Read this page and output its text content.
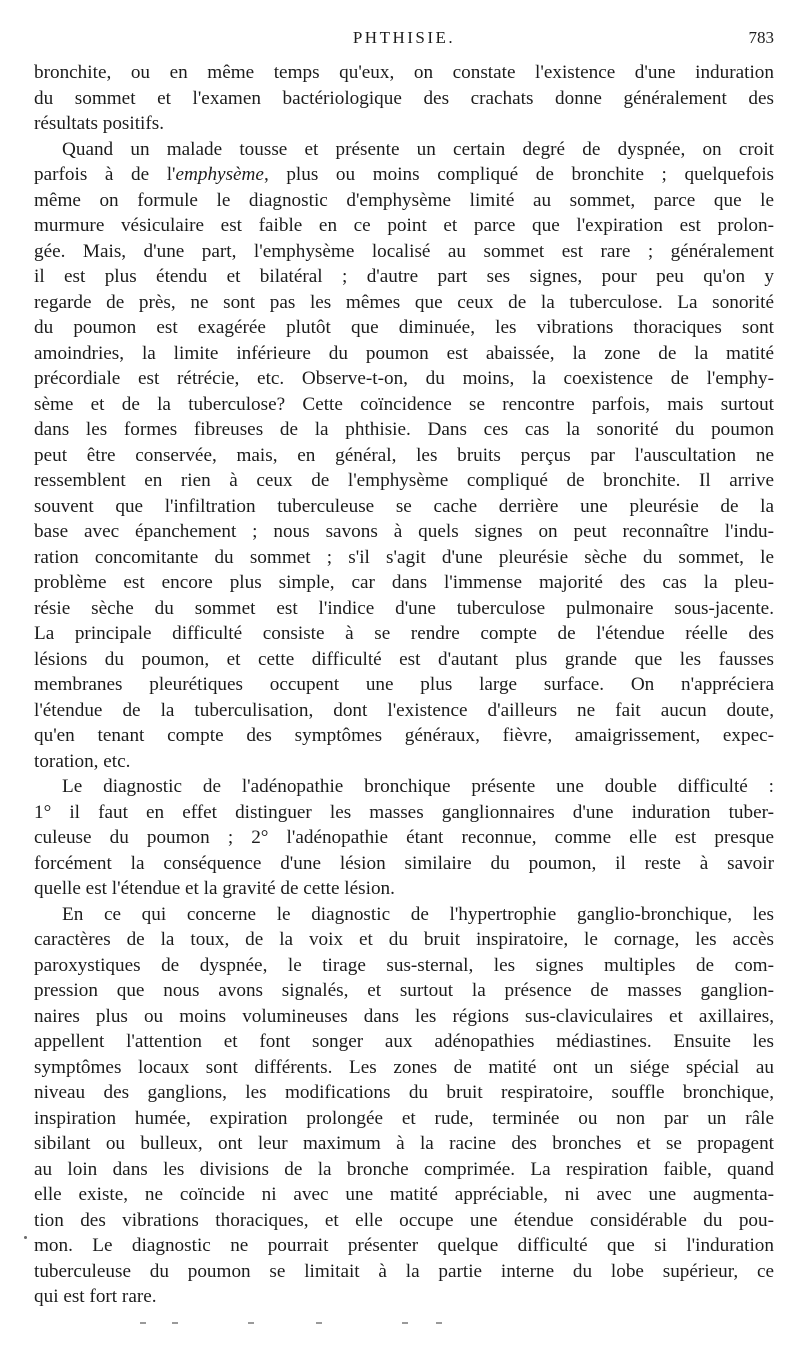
PHTHISIE.	783
bronchite, ou en même temps qu'eux, on constate l'existence d'une induration
du sommet et l'examen bactériologique des crachats donne généralement des
résultats positifs.
Quand un malade tousse et présente un certain degré de dyspnée, on croit
parfois à de l'emphysème, plus ou moins compliqué de bronchite ; quelquefois
même on formule le diagnostic d'emphysème limité au sommet, parce que le
murmure vésiculaire est faible en ce point et parce que l'expiration est prolon-
gée. Mais, d'une part, l'emphysème localisé au sommet est rare ; généralement
il est plus étendu et bilatéral ; d'autre part ses signes, pour peu qu'on y
regarde de près, ne sont pas les mêmes que ceux de la tuberculose. La sonorité
du poumon est exagérée plutôt que diminuée, les vibrations thoraciques sont
amoindries, la limite inférieure du poumon est abaissée, la zone de la matité
précordiale est rétrécie, etc. Observe-t-on, du moins, la coexistence de l'emphy-
sème et de la tuberculose? Cette coïncidence se rencontre parfois, mais surtout
dans les formes fibreuses de la phthisie. Dans ces cas la sonorité du poumon
peut être conservée, mais, en général, les bruits perçus par l'auscultation ne
ressemblent en rien à ceux de l'emphysème compliqué de bronchite. Il arrive
souvent que l'infiltration tuberculeuse se cache derrière une pleurésie de la
base avec épanchement ; nous savons à quels signes on peut reconnaître l'indu-
ration concomitante du sommet ; s'il s'agit d'une pleurésie sèche du sommet, le
problème est encore plus simple, car dans l'immense majorité des cas la pleu-
résie sèche du sommet est l'indice d'une tuberculose pulmonaire sous-jacente.
La principale difficulté consiste à se rendre compte de l'étendue réelle des
lésions du poumon, et cette difficulté est d'autant plus grande que les fausses
membranes pleurétiques occupent une plus large surface. On n'appréciera
l'étendue de la tuberculisation, dont l'existence d'ailleurs ne fait aucun doute,
qu'en tenant compte des symptômes généraux, fièvre, amaigrissement, expec-
toration, etc.
Le diagnostic de l'adénopathie bronchique présente une double difficulté :
1° il faut en effet distinguer les masses ganglionnaires d'une induration tuber-
culeuse du poumon ; 2° l'adénopathie étant reconnue, comme elle est presque
forcément la conséquence d'une lésion similaire du poumon, il reste à savoir
quelle est l'étendue et la gravité de cette lésion.
En ce qui concerne le diagnostic de l'hypertrophie ganglio-bronchique, les
caractères de la toux, de la voix et du bruit inspiratoire, le cornage, les accès
paroxystiques de dyspnée, le tirage sus-sternal, les signes multiples de com-
pression que nous avons signalés, et surtout la présence de masses ganglion-
naires plus ou moins volumineuses dans les régions sus-claviculaires et axillaires,
appellent l'attention et font songer aux adénopathies médiastines. Ensuite les
symptômes locaux sont différents. Les zones de matité ont un siége spécial au
niveau des ganglions, les modifications du bruit respiratoire, souffle bronchique,
inspiration humée, expiration prolongée et rude, terminée ou non par un râle
sibilant ou bulleux, ont leur maximum à la racine des bronches et se propagent
au loin dans les divisions de la bronche comprimée. La respiration faible, quand
elle existe, ne coïncide ni avec une matité appréciable, ni avec une augmenta-
tion des vibrations thoraciques, et elle occupe une étendue considérable du pou-
mon. Le diagnostic ne pourrait présenter quelque difficulté que si l'induration
tuberculeuse du poumon se limitait à la partie interne du lobe supérieur, ce
qui est fort rare.
